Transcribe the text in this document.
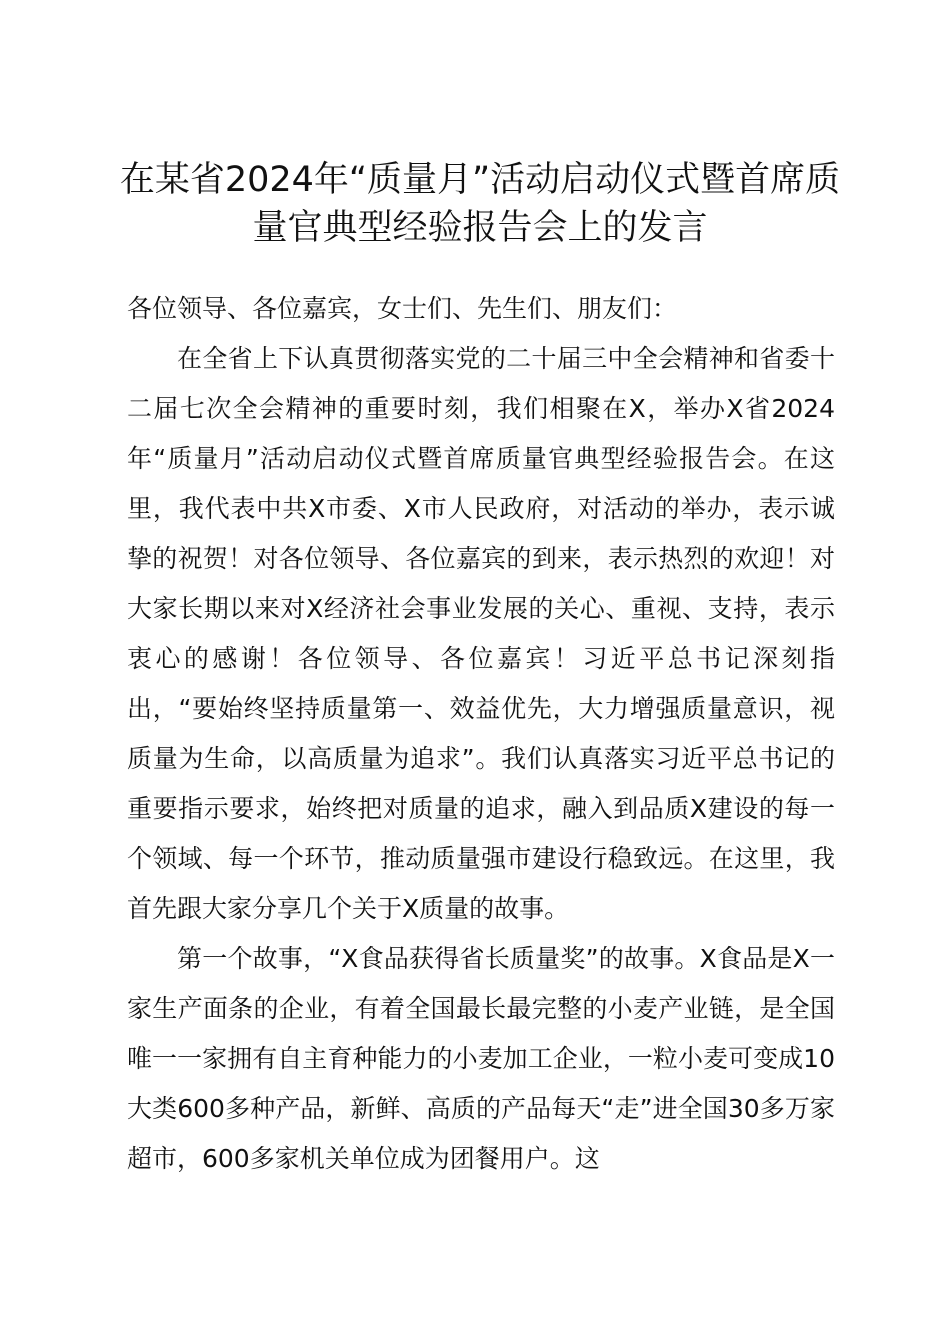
在某省2024年“质量月”活动启动仪式暨首席质量官典型经验报告会上的发言

各位领导、各位嘉宾，女士们、先生们、朋友们：

在全省上下认真贯彻落实党的二十届三中全会精神和省委十二届七次全会精神的重要时刻，我们相聚在X，举办X省2024年“质量月”活动启动仪式暨首席质量官典型经验报告会。在这里，我代表中共X市委、X市人民政府，对活动的举办，表示诚挚的祝贺！对各位领导、各位嘉宾的到来，表示热烈的欢迎！对大家长期以来对X经济社会事业发展的关心、重视、支持，表示衷心的感谢！各位领导、各位嘉宾！习近平总书记深刻指出，“要始终坚持质量第一、效益优先，大力增强质量意识，视质量为生命，以高质量为追求”。我们认真落实习近平总书记的重要指示要求，始终把对质量的追求，融入到品质X建设的每一个领域、每一个环节，推动质量强市建设行稳致远。在这里，我首先跟大家分享几个关于X质量的故事。

第一个故事，“X食品获得省长质量奖”的故事。X食品是X一家生产面条的企业，有着全国最长最完整的小麦产业链，是全国唯一一家拥有自主育种能力的小麦加工企业，一粒小麦可变成10大类600多种产品，新鲜、高质的产品每天“走”进全国30多万家超市，600多家机关单位成为团餐用户。这
